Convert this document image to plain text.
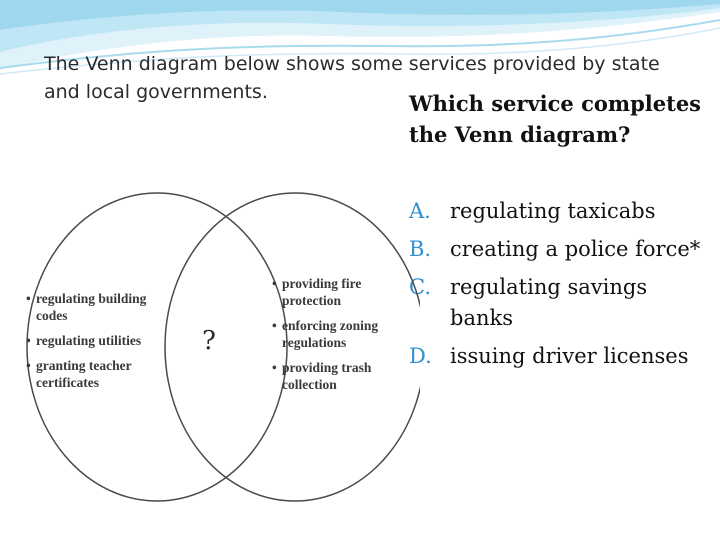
The Venn diagram below shows some services provided by state and local governments.	Which service completes the Venn diagram?

A. regulating taxicabs
B. creating a police force*
C. regulating savings banks
D. issuing driver licenses
• regulating building codes
• regulating utilities
• granting teacher certificates
• providing fire protection
• enforcing zoning regulations
• providing trash collection
?
